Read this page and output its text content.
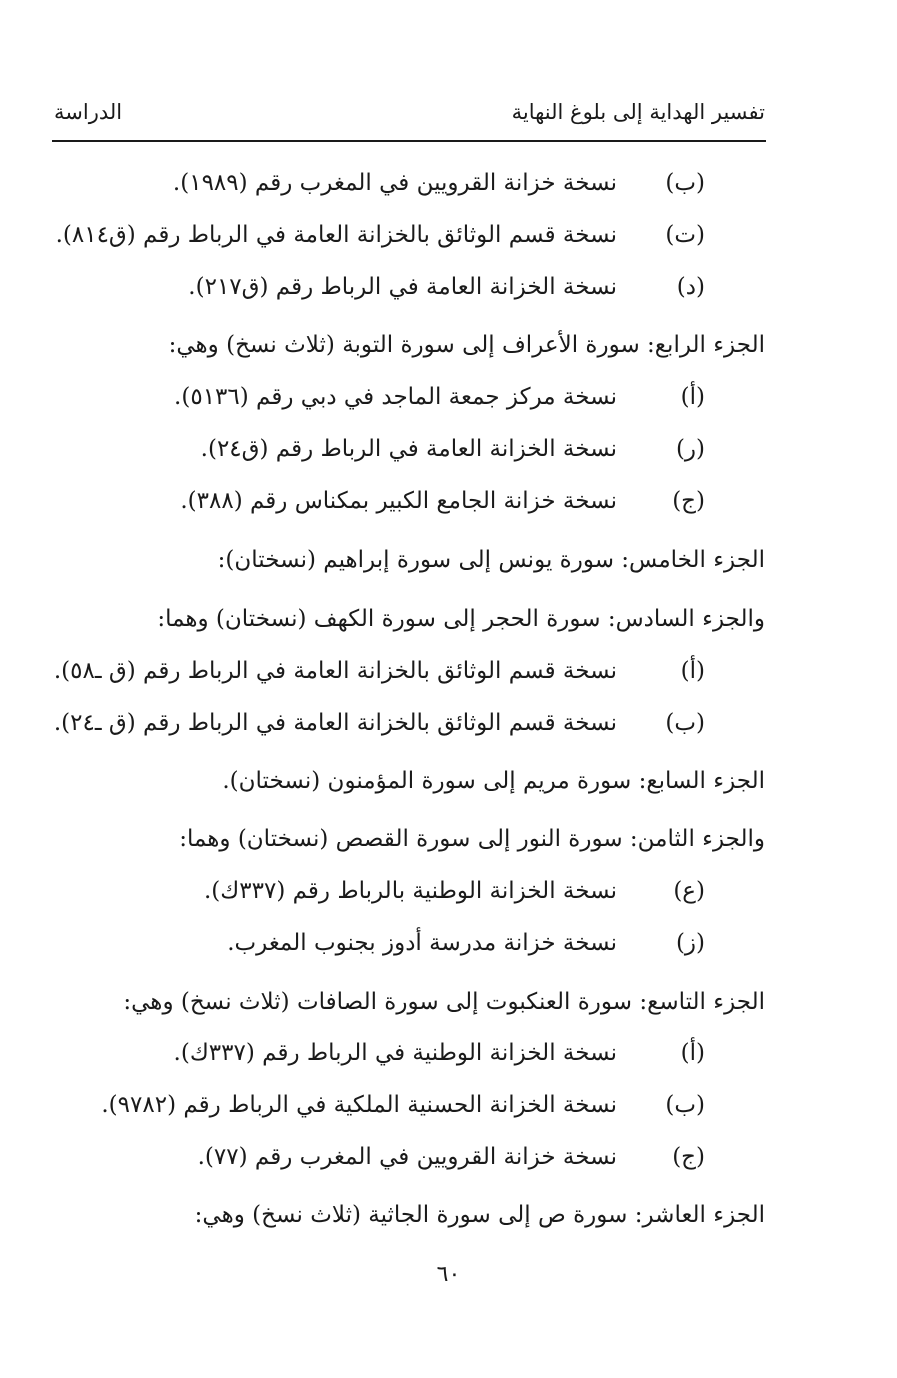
تفسير الهداية إلى بلوغ النهاية
الدراسة
(ب)
نسخة خزانة القرويين في المغرب رقم (١٩٨٩).
(ت)
نسخة قسم الوثائق بالخزانة العامة في الرباط رقم (ق٨١٤).
(د)
نسخة الخزانة العامة في الرباط رقم (ق٢١٧).
الجزء الرابع: سورة الأعراف إلى سورة التوبة (ثلاث نسخ) وهي:
(أ)
نسخة مركز جمعة الماجد في دبي رقم (٥١٣٦).
(ر)
نسخة الخزانة العامة في الرباط رقم (ق٢٤).
(ج)
نسخة خزانة الجامع الكبير بمكناس رقم (٣٨٨).
الجزء الخامس: سورة يونس إلى سورة إبراهيم (نسختان):
والجزء السادس: سورة الحجر إلى سورة الكهف (نسختان) وهما:
(أ)
نسخة قسم الوثائق بالخزانة العامة في الرباط رقم (ق ـ٥٨).
(ب)
نسخة قسم الوثائق بالخزانة العامة في الرباط رقم (ق ـ٢٤).
الجزء السابع: سورة مريم إلى سورة المؤمنون (نسختان).
والجزء الثامن: سورة النور إلى سورة القصص (نسختان) وهما:
(ع)
نسخة الخزانة الوطنية بالرباط رقم (٣٣٧ك).
(ز)
نسخة خزانة مدرسة أدوز بجنوب المغرب.
الجزء التاسع: سورة العنكبوت إلى سورة الصافات (ثلاث نسخ) وهي:
(أ)
نسخة الخزانة الوطنية في الرباط رقم (٣٣٧ك).
(ب)
نسخة الخزانة الحسنية الملكية في الرباط رقم (٩٧٨٢).
(ج)
نسخة خزانة القرويين في المغرب رقم (٧٧).
الجزء العاشر: سورة ص إلى سورة الجاثية (ثلاث نسخ) وهي:
٦٠
